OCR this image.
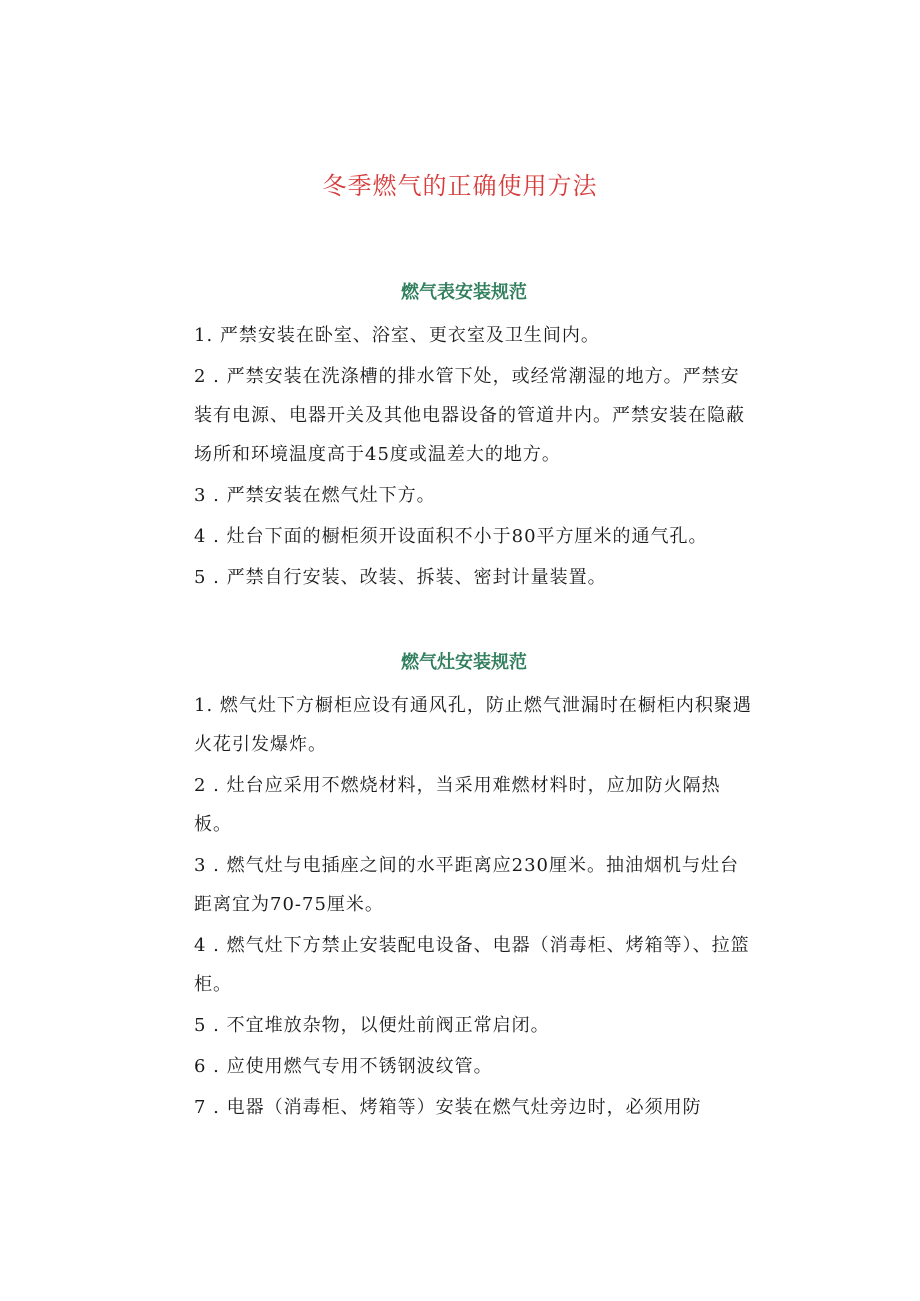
冬季燃气的正确使用方法
燃气表安装规范
1. 严禁安装在卧室、浴室、更衣室及卫生间内。
2 . 严禁安装在洗涤槽的排水管下处，或经常潮湿的地方。严禁安装有电源、电器开关及其他电器设备的管道井内。严禁安装在隐蔽场所和环境温度高于45度或温差大的地方。
3 . 严禁安装在燃气灶下方。
4 . 灶台下面的橱柜须开设面积不小于80平方厘米的通气孔。
5 . 严禁自行安装、改装、拆装、密封计量装置。
燃气灶安装规范
1. 燃气灶下方橱柜应设有通风孔，防止燃气泄漏时在橱柜内积聚遇火花引发爆炸。
2 . 灶台应采用不燃烧材料，当采用难燃材料时，应加防火隔热板。
3 . 燃气灶与电插座之间的水平距离应230厘米。抽油烟机与灶台距离宜为70-75厘米。
4 . 燃气灶下方禁止安装配电设备、电器（消毒柜、烤箱等）、拉篮柜。
5 . 不宜堆放杂物，以便灶前阀正常启闭。
6 . 应使用燃气专用不锈钢波纹管。
7 . 电器（消毒柜、烤箱等）安装在燃气灶旁边时，必须用防
